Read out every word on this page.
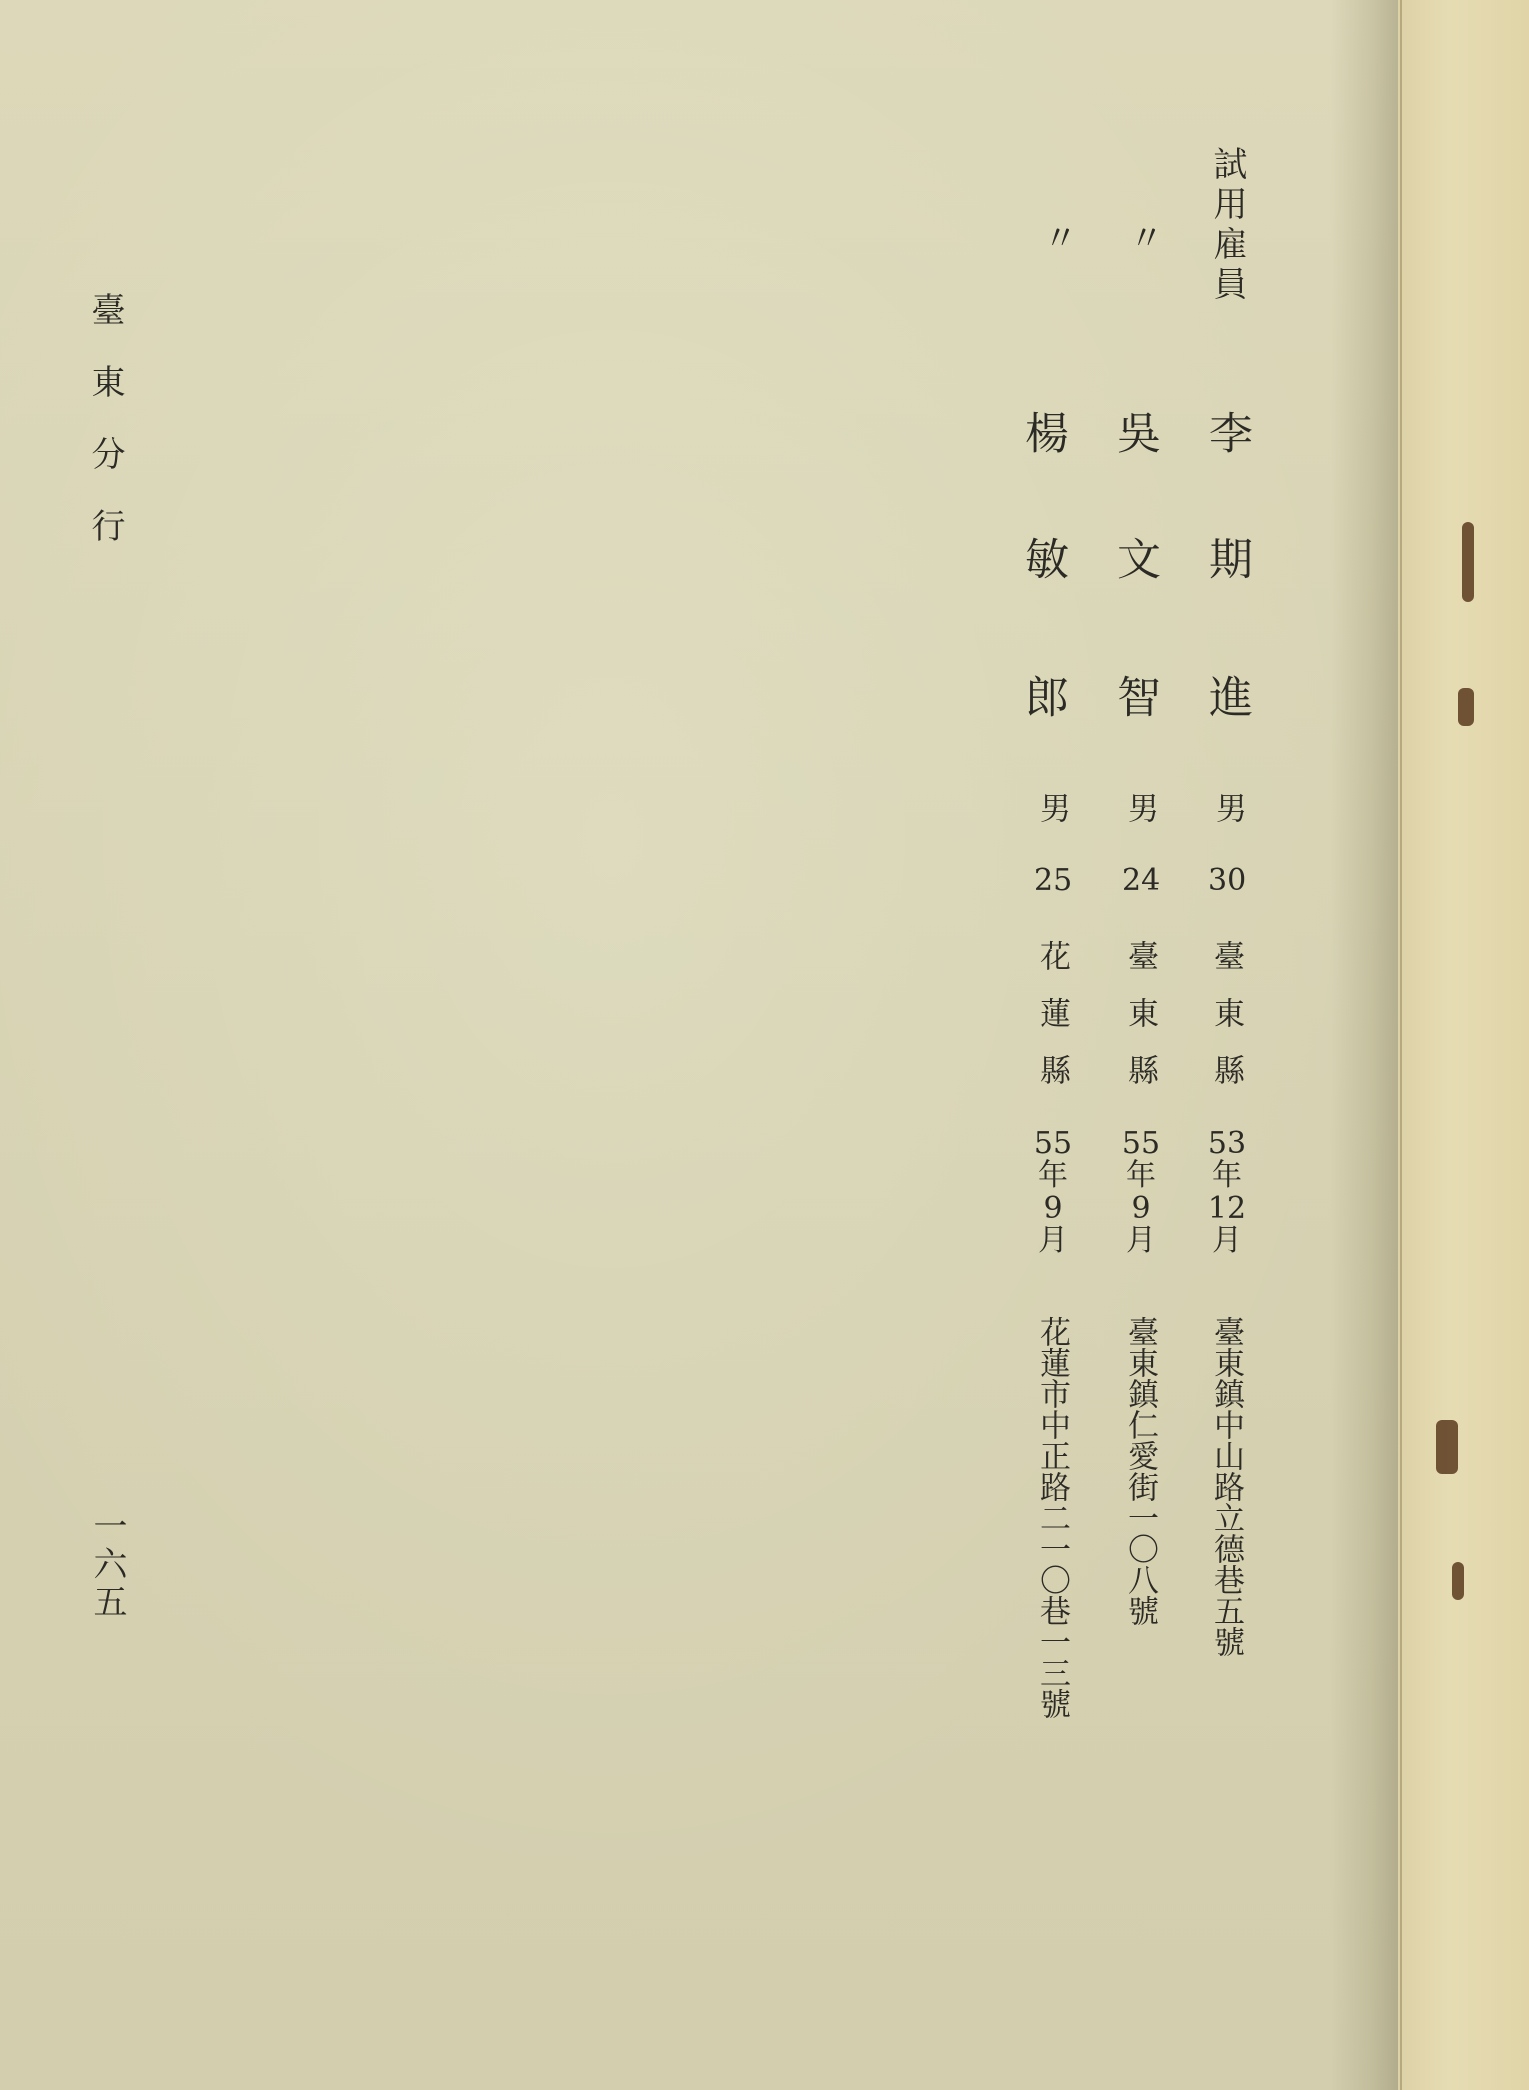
臺東分行
一六五
試用雇員
李
期
進
男
30
臺東縣
53
年
12
月
臺東鎮中山路立德巷五號
〃
吳
文
智
男
24
臺東縣
55
年
9
月
臺東鎮仁愛街一〇八號
〃
楊
敏
郎
男
25
花蓮縣
55
年
9
月
花蓮市中正路二一〇巷一三號
